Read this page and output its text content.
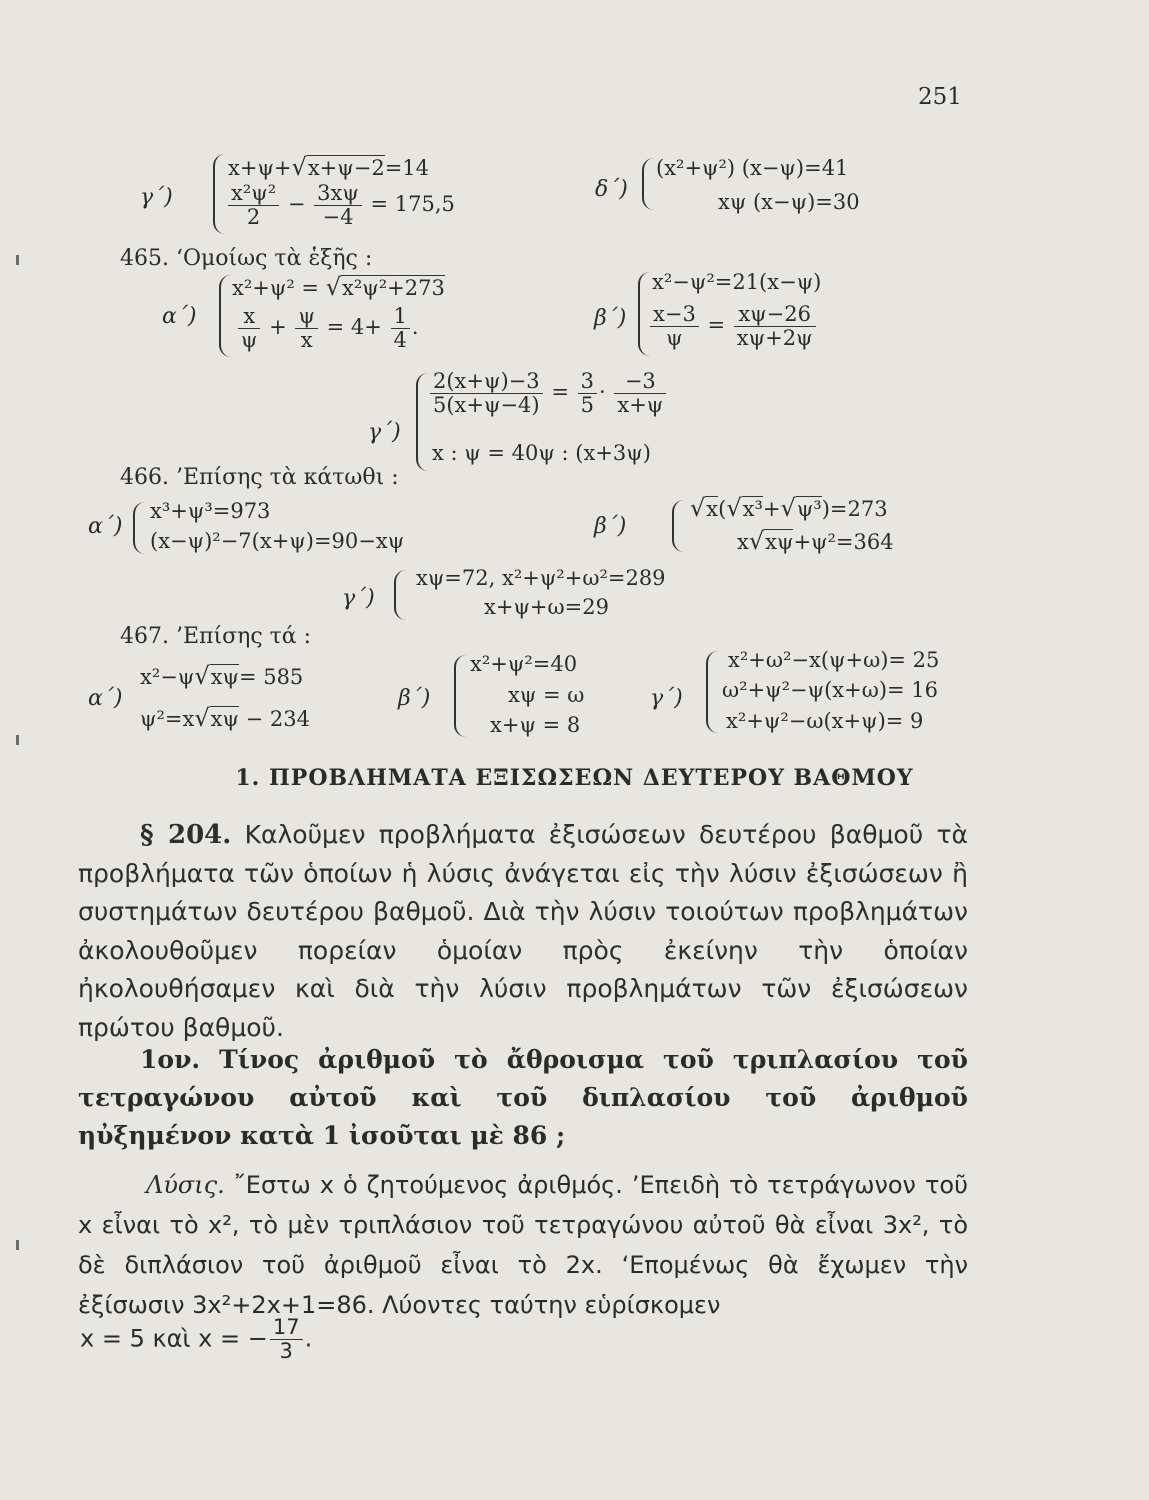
251
γ΄)
x+ψ+√x+ψ−2=14
$\frac{\text{x²ψ²}}{2} - \frac{3x\psi}{-4} = 175,5$
δ΄)
(x²+ψ²) (x−ψ)=41
xψ (x−ψ)=30
465. ‘Ομοίως τὰ ἑξῆς :
α΄)
x²+ψ² = √x²ψ²+273
$\frac{x}{\psi} + \frac{\psi}{x} = 4+ \frac{1}{4}$ .	β΄)
x²−ψ²=21(x−ψ)
$\frac{x-3}{\psi} = \frac{x\psi-26}{x\psi+2\psi}$
γ΄)
$\frac{2(x+\psi)-3}{5(x+\psi-4)} = \frac{3}{5} \cdot \frac{-3}{x+\psi}$
x : ψ = 40ψ : (x+3ψ)
466. ’Επίσης τὰ κάτωθι :
α΄)
x³+ψ³=973
(x−ψ)²−7(x+ψ)=90−xψ
β΄)
√x(√x³+√ψ³)=273
x√xψ+ψ²=364
γ΄)
xψ=72, x²+ψ²+ω²=289
x+ψ+ω=29
467. ’Επίσης τά :
α΄)
x²−ψ√xψ= 585
ψ²=x√xψ − 234
β΄)
x²+ψ²=40
xψ = ω
x+ψ = 8
γ΄)
x²+ω²−x(ψ+ω)= 25
ω²+ψ²−ψ(x+ω)= 16
x²+ψ²−ω(x+ψ)= 9
1. ΠΡΟΒΛΗΜΑΤΑ ΕΞΙΣΩΣΕΩΝ ΔΕΥΤΕΡΟΥ ΒΑΘΜΟΥ
§ 204. Καλοῦμεν προβλήματα ἐξισώσεων δευτέρου βαθμοῦ τὰ προβλήματα τῶν ὁποίων ἡ λύσις ἀνάγεται εἰς τὴν λύσιν ἐξισώσεων ἢ συστημάτων δευτέρου βαθμοῦ. Διὰ τὴν λύσιν τοιούτων προβλημάτων ἀκολουθοῦμεν πορείαν ὁμοίαν πρὸς ἐκείνην τὴν ὁποίαν ἠκολουθήσαμεν καὶ διὰ τὴν λύσιν προβλημάτων τῶν ἐξισώσεων πρώτου βαθμοῦ.
1ον. Τίνος ἀριθμοῦ τὸ ἄθροισμα τοῦ τριπλασίου τοῦ τετραγώνου αὐτοῦ καὶ τοῦ διπλασίου τοῦ ἀριθμοῦ ηὐξημένον κατὰ 1 ἰσοῦται μὲ 86 ;
Λύσις. ῎Εστω x ὁ ζητούμενος ἀριθμός. ’Επειδὴ τὸ τετράγωνον τοῦ x εἶναι τὸ x², τὸ μὲν τριπλάσιον τοῦ τετραγώνου αὐτοῦ θὰ εἶναι 3x², τὸ δὲ διπλάσιον τοῦ ἀριθμοῦ εἶναι τὸ 2x. ‘Επομένως θὰ ἔχωμεν τὴν ἐξίσωσιν 3x²+2x+1=86. Λύοντες ταύτην εὑρίσκομεν
x = 5 καὶ x = − $\frac{17}{3}$ .
